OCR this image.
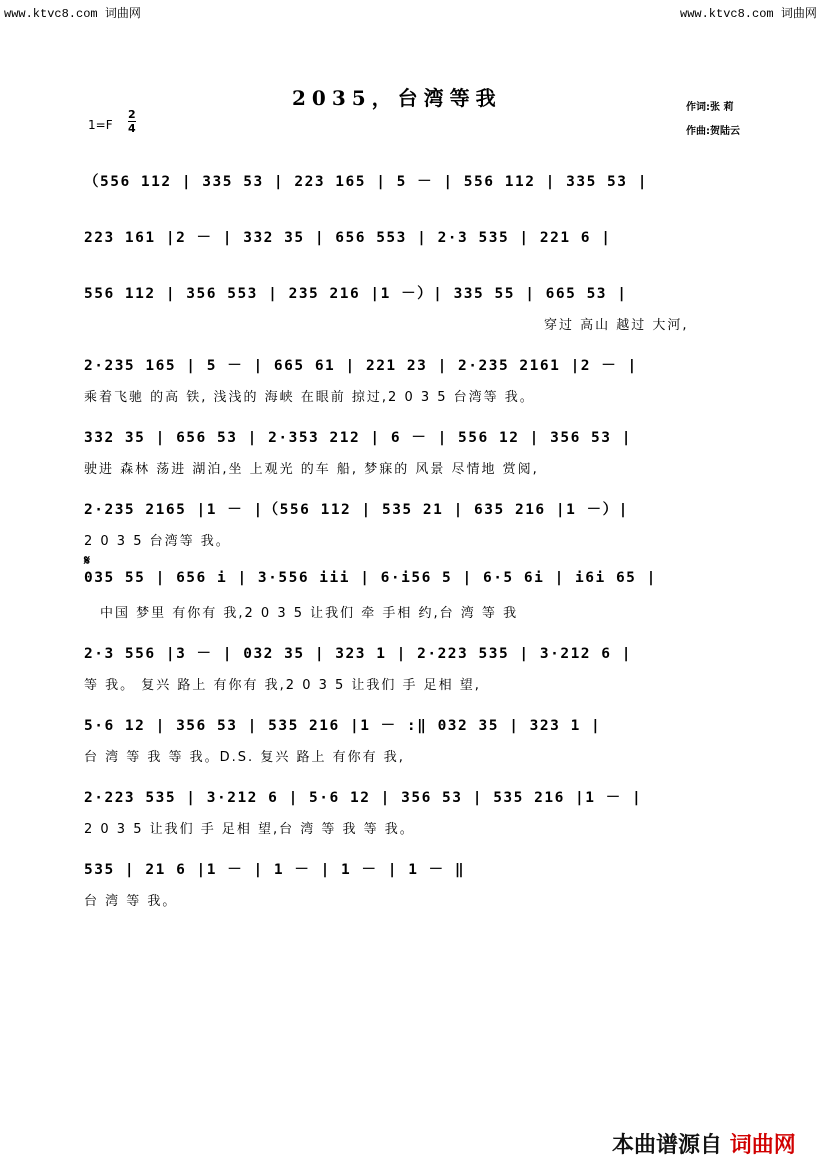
www.ktvc8.com 词曲网	www.ktvc8.com 词曲网
2035，台湾等我	作词:张 莉
作曲:贺陆云
1=F
2
4
（556 112 | 335 53 | 223 165 | 5 － | 556 112 | 335 53 |
223 161 |2 － | 332 35 | 656 553 | 2·3 535 | 221 6 |
556 112 | 356 553 | 235 216 |1 －）| 335 55 | 665 53 |
穿过 高山 越过 大河,
2·235 165 | 5 － | 665 61 | 221 23 | 2·235 2161 |2 － |
乘着飞驰 的高 铁, 浅浅的 海峡 在眼前 掠过,2 0 3 5 台湾等 我。
332 35 | 656 53 | 2·353 212 | 6 － | 556 12 | 356 53 |
驶进 森林 荡进 湖泊,坐 上观光 的车 船, 梦寐的 风景 尽情地 赏阅,
2·235 2165 |1 － |（556 112 | 535 21 | 635 216 |1 －）|
2 0 3 5 台湾等 我。
𝄋
035 55 | 656 i | 3·556 iii | 6·i56 5 | 6·5 6i | i6i 65 |
中国 梦里 有你有 我,2 0 3 5 让我们 牵 手相 约,台 湾 等 我
2·3 556 |3 － | 032 35 | 323 1 | 2·223 535 | 3·212 6 |
等 我。 复兴 路上 有你有 我,2 0 3 5 让我们 手 足相 望,
5·6 12 | 356 53 | 535 216 |1 － :‖ 032 35 | 323 1 |
台 湾 等 我 等 我。D.S. 复兴 路上 有你有 我,
2·223 535 | 3·212 6 | 5·6 12 | 356 53 | 535 216 |1 － |
2 0 3 5 让我们 手 足相 望,台 湾 等 我 等 我。
535 | 21 6 |1 － | 1 － | 1 － | 1 － ‖
台 湾 等 我。
本曲谱源自 词曲网
